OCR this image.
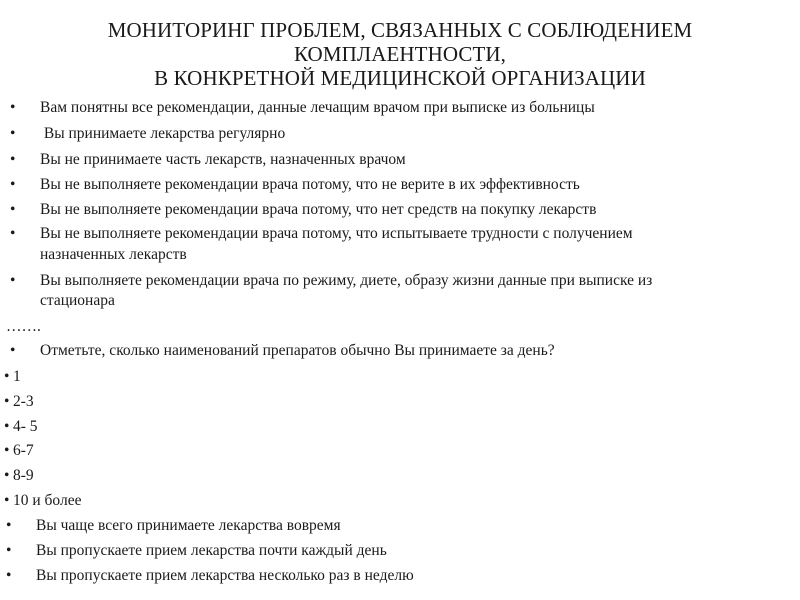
МОНИТОРИНГ ПРОБЛЕМ, СВЯЗАННЫХ С СОБЛЮДЕНИЕМ
КОМПЛАЕНТНОСТИ,
В КОНКРЕТНОЙ МЕДИЦИНСКОЙ ОРГАНИЗАЦИИ
• Вам понятны все рекомендации, данные лечащим врачом при выписке из больницы
• Вы принимаете лекарства регулярно
• Вы не принимаете часть лекарств, назначенных врачом
• Вы не выполняете рекомендации врача потому, что не верите в их эффективность
• Вы не выполняете рекомендации врача потому, что нет средств на покупку лекарств
• Вы не выполняете рекомендации врача потому, что испытываете трудности с получением
назначенных лекарств
• Вы выполняете рекомендации врача по режиму, диете, образу жизни данные при выписке из
стационара
…….
• Отметьте, сколько наименований препаратов обычно Вы принимаете за день?
• 1
• 2-3
• 4- 5
• 6-7
• 8-9
• 10 и более
• Вы чаще всего принимаете лекарства вовремя
• Вы пропускаете прием лекарства почти каждый день
• Вы пропускаете прием лекарства несколько раз в неделю
